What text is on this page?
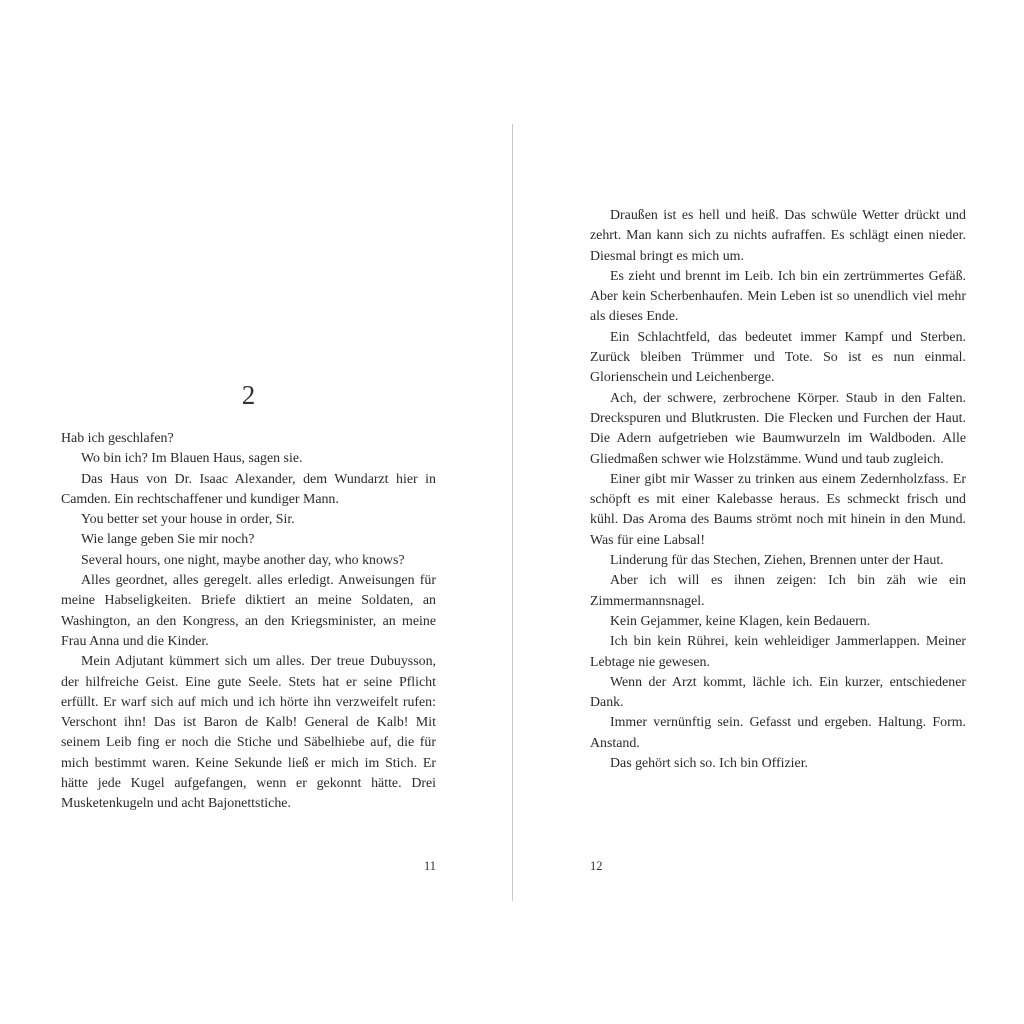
2

Hab ich geschlafen?

Wo bin ich? Im Blauen Haus, sagen sie.

Das Haus von Dr. Isaac Alexander, dem Wundarzt hier in Camden. Ein rechtschaffener und kundiger Mann.

You better set your house in order, Sir.

Wie lange geben Sie mir noch?

Several hours, one night, maybe another day, who knows?

Alles geordnet, alles geregelt. alles erledigt. Anweisungen für meine Habseligkeiten. Briefe diktiert an meine Soldaten, an Washington, an den Kongress, an den Kriegsminister, an meine Frau Anna und die Kinder.

Mein Adjutant kümmert sich um alles. Der treue Dubuysson, der hilfreiche Geist. Eine gute Seele. Stets hat er seine Pflicht erfüllt. Er warf sich auf mich und ich hörte ihn verzweifelt rufen: Verschont ihn! Das ist Baron de Kalb! General de Kalb! Mit seinem Leib fing er noch die Stiche und Säbelhiebe auf, die für mich bestimmt waren. Keine Sekunde ließ er mich im Stich. Er hätte jede Kugel aufgefangen, wenn er gekonnt hätte. Drei Musketenkugeln und acht Bajonettstiche.

11

Draußen ist es hell und heiß. Das schwüle Wetter drückt und zehrt. Man kann sich zu nichts aufraffen. Es schlägt einen nieder. Diesmal bringt es mich um.

Es zieht und brennt im Leib. Ich bin ein zertrümmertes Gefäß. Aber kein Scherbenhaufen. Mein Leben ist so unendlich viel mehr als dieses Ende.

Ein Schlachtfeld, das bedeutet immer Kampf und Sterben. Zurück bleiben Trümmer und Tote. So ist es nun einmal. Glorienschein und Leichenberge.

Ach, der schwere, zerbrochene Körper. Staub in den Falten. Dreckspuren und Blutkrusten. Die Flecken und Furchen der Haut. Die Adern aufgetrieben wie Baumwurzeln im Waldboden. Alle Gliedmaßen schwer wie Holzstämme. Wund und taub zugleich.

Einer gibt mir Wasser zu trinken aus einem Zedernholzfass. Er schöpft es mit einer Kalebasse heraus. Es schmeckt frisch und kühl. Das Aroma des Baums strömt noch mit hinein in den Mund. Was für eine Labsal!

Linderung für das Stechen, Ziehen, Brennen unter der Haut.

Aber ich will es ihnen zeigen: Ich bin zäh wie ein Zimmermannsnagel.

Kein Gejammer, keine Klagen, kein Bedauern.

Ich bin kein Rührei, kein wehleidiger Jammerlappen. Meiner Lebtage nie gewesen.

Wenn der Arzt kommt, lächle ich. Ein kurzer, entschiedener Dank.

Immer vernünftig sein. Gefasst und ergeben. Haltung. Form. Anstand.

Das gehört sich so. Ich bin Offizier.

12
